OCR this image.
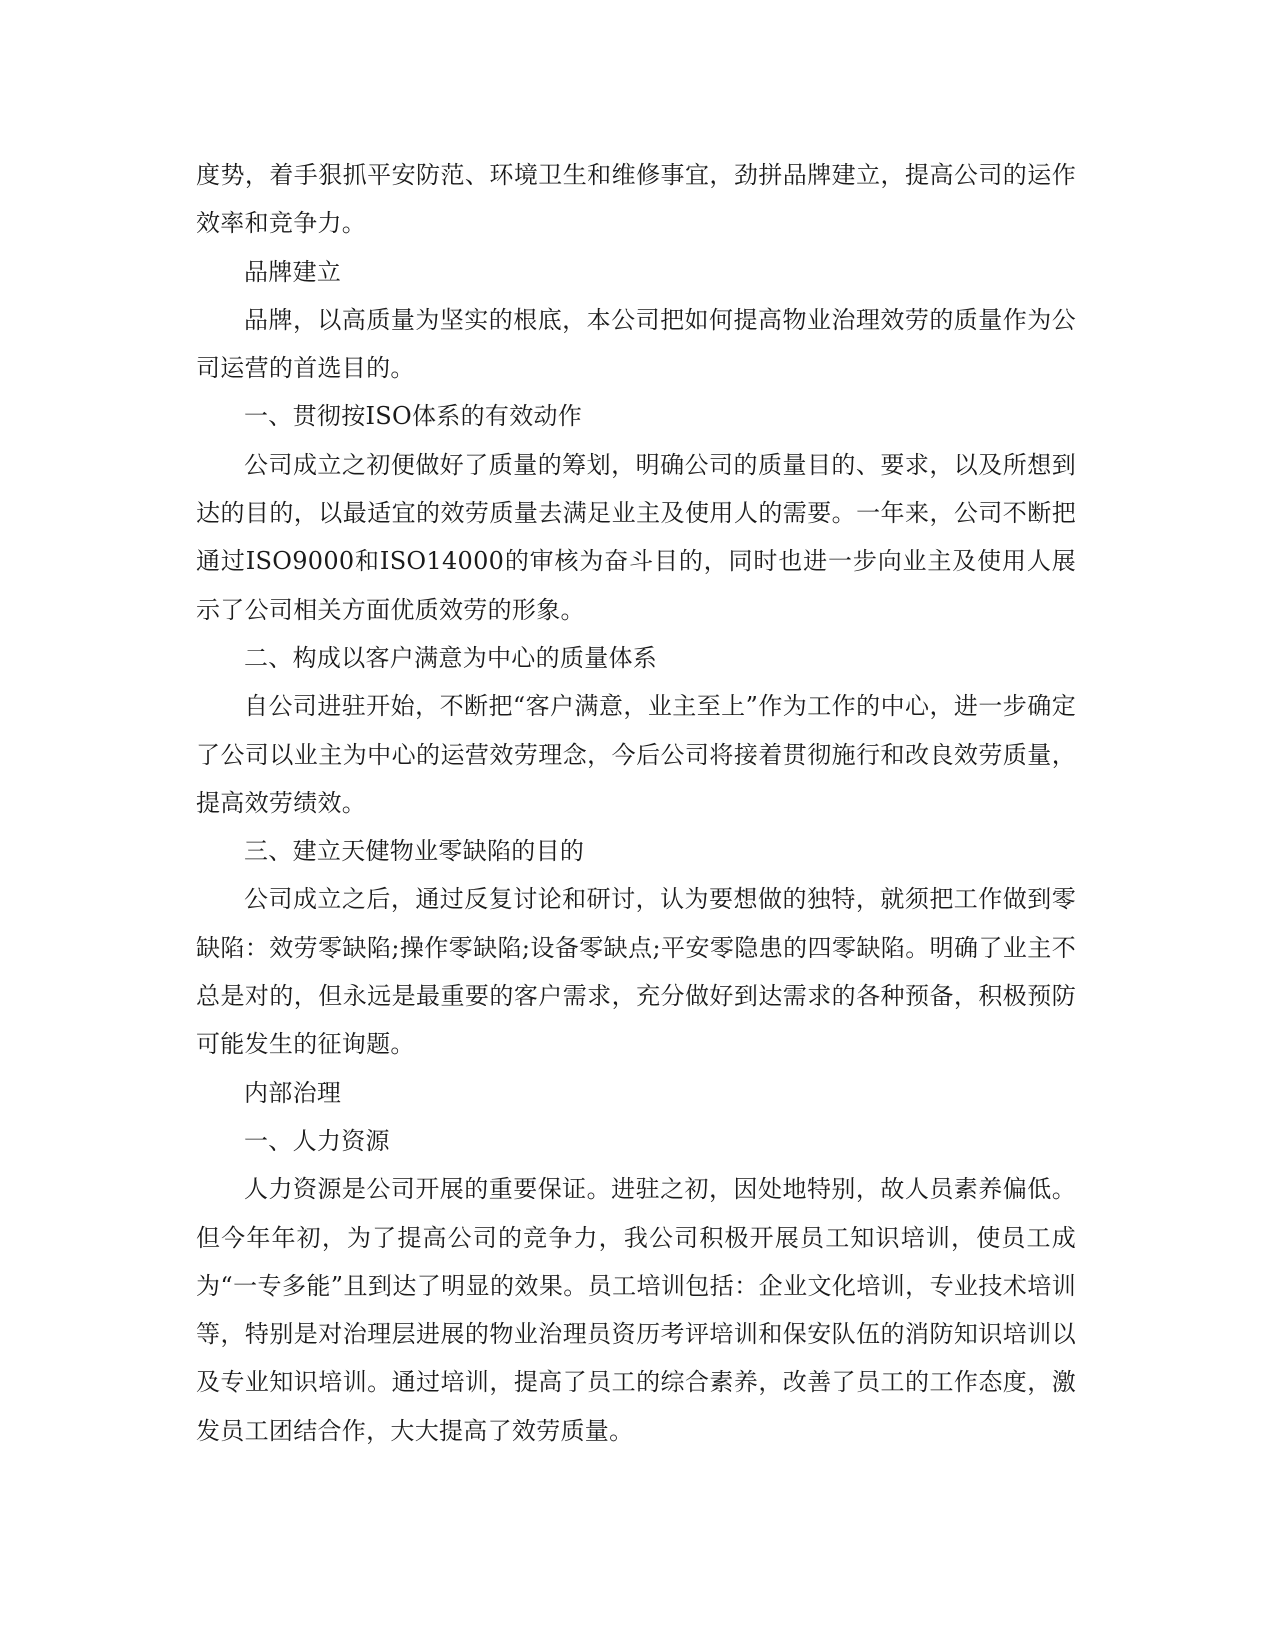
度势，着手狠抓平安防范、环境卫生和维修事宜，劲拼品牌建立，提高公司的运作效率和竞争力。

品牌建立

品牌，以高质量为坚实的根底，本公司把如何提高物业治理效劳的质量作为公司运营的首选目的。

一、贯彻按ISO体系的有效动作

公司成立之初便做好了质量的筹划，明确公司的质量目的、要求，以及所想到达的目的，以最适宜的效劳质量去满足业主及使用人的需要。一年来，公司不断把通过ISO9000和ISO14000的审核为奋斗目的，同时也进一步向业主及使用人展示了公司相关方面优质效劳的形象。

二、构成以客户满意为中心的质量体系

自公司进驻开始，不断把“客户满意，业主至上”作为工作的中心，进一步确定了公司以业主为中心的运营效劳理念，今后公司将接着贯彻施行和改良效劳质量，提高效劳绩效。

三、建立天健物业零缺陷的目的

公司成立之后，通过反复讨论和研讨，认为要想做的独特，就须把工作做到零缺陷：效劳零缺陷;操作零缺陷;设备零缺点;平安零隐患的四零缺陷。明确了业主不总是对的，但永远是最重要的客户需求，充分做好到达需求的各种预备，积极预防可能发生的征询题。

内部治理

一、人力资源

人力资源是公司开展的重要保证。进驻之初，因处地特别，故人员素养偏低。但今年年初，为了提高公司的竞争力，我公司积极开展员工知识培训，使员工成为“一专多能”且到达了明显的效果。员工培训包括：企业文化培训，专业技术培训等，特别是对治理层进展的物业治理员资历考评培训和保安队伍的消防知识培训以及专业知识培训。通过培训，提高了员工的综合素养，改善了员工的工作态度，激发员工团结合作，大大提高了效劳质量。
